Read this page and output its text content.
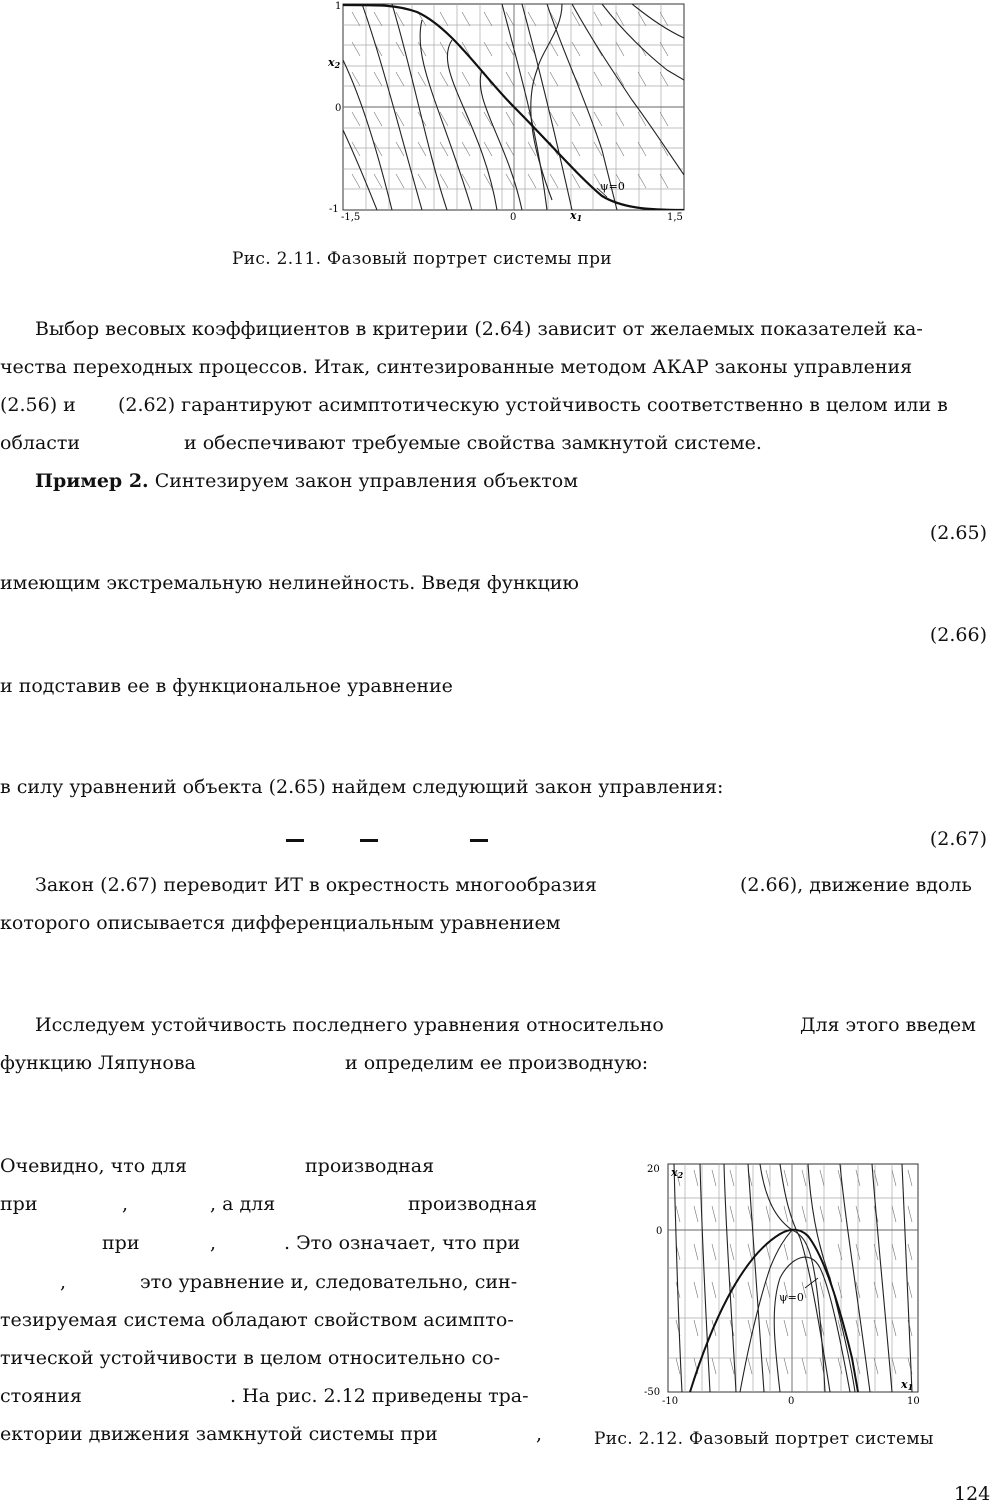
ψ=0
1
0
-1
-1,5	0	1,5
x1
x2
Рис. 2.11. Фазовый портрет системы при
Выбор весовых коэффициентов в критерии (2.64) зависит от желаемых показателей ка-
чества переходных процессов. Итак, синтезированные методом АКАР законы управления
(2.56) и (2.62) гарантируют асимптотическую устойчивость соответственно в целом или в
области	и обеспечивают требуемые свойства замкнутой системе.
Пример 2. Синтезируем закон управления объектом
(2.65)
имеющим экстремальную нелинейность. Введя функцию
(2.66)
и подставив ее в функциональное уравнение
в силу уравнений объекта (2.65) найдем следующий закон управления:
(2.67)
Закон (2.67) переводит ИТ в окрестность многообразия	(2.66), движение вдоль
которого описывается дифференциальным уравнением
Исследуем устойчивость последнего уравнения относительно	Для этого введем
функцию Ляпунова	и определим ее производную:
Очевидно, что для	производная
при	,	, а для	производная
при	,	. Это означает, что при
,	это уравнение и, следовательно, син-
тезируемая система обладают свойством асимпто-
тической устойчивости в целом относительно со-
стояния	. На рис. 2.12 приведены тра-
ектории движения замкнутой системы при	,
ψ=0
20
0
-50
-10	0	10
x1
x2
Рис. 2.12. Фазовый портрет системы
124
